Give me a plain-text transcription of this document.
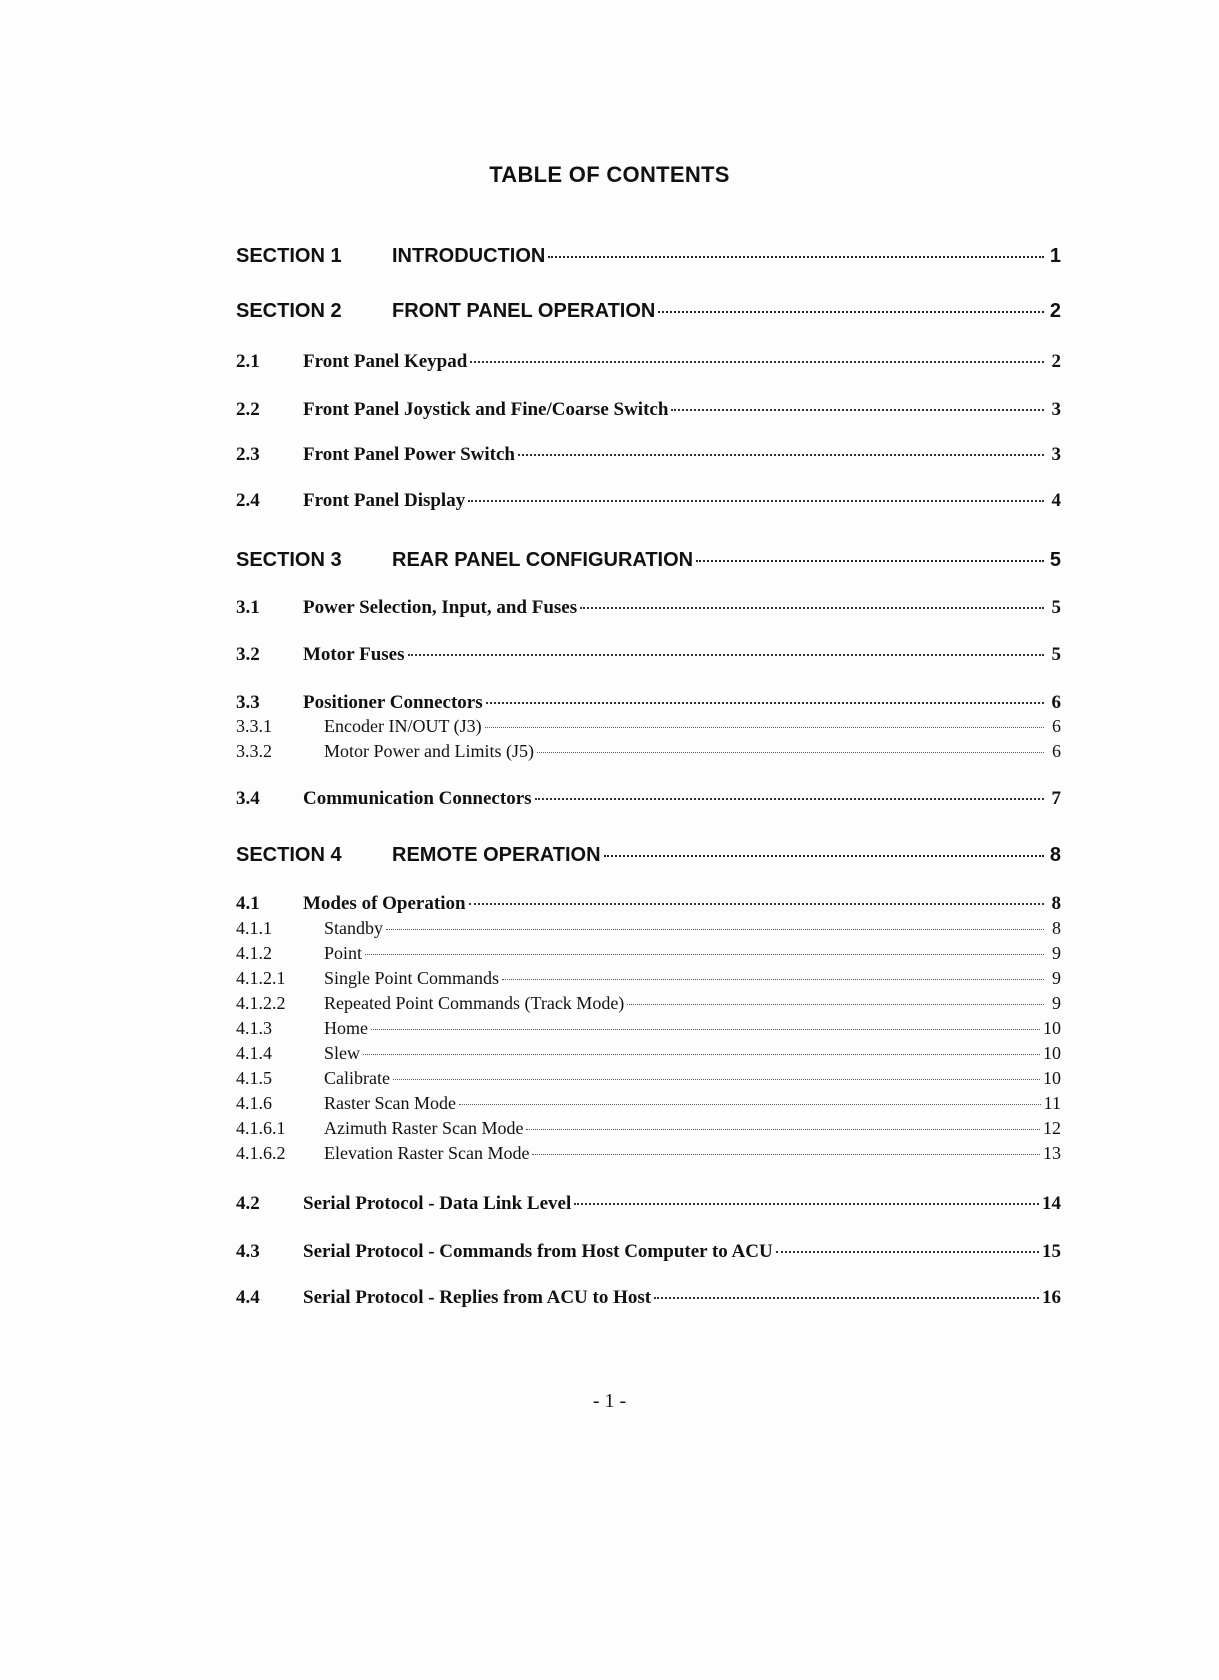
TABLE OF CONTENTS
SECTION 1	INTRODUCTION	1
SECTION 2	FRONT PANEL OPERATION	2
2.1	Front Panel Keypad	2
2.2	Front Panel Joystick and Fine/Coarse Switch	3
2.3	Front Panel Power Switch	3
2.4	Front Panel Display	4
SECTION 3	REAR PANEL CONFIGURATION	5
3.1	Power Selection, Input, and Fuses	5
3.2	Motor Fuses	5
3.3	Positioner Connectors	6
3.3.1	Encoder IN/OUT (J3)	6
3.3.2	Motor Power and Limits (J5)	6
3.4	Communication Connectors	7
SECTION 4	REMOTE OPERATION	8
4.1	Modes of Operation	8
4.1.1	Standby	8
4.1.2	Point	9
4.1.2.1	Single Point Commands	9
4.1.2.2	Repeated Point Commands (Track Mode)	9
4.1.3	Home	10
4.1.4	Slew	10
4.1.5	Calibrate	10
4.1.6	Raster Scan Mode	11
4.1.6.1	Azimuth Raster Scan Mode	12
4.1.6.2	Elevation Raster Scan Mode	13
4.2	Serial Protocol - Data Link Level	14
4.3	Serial Protocol - Commands from Host Computer to ACU	15
4.4	Serial Protocol - Replies from ACU to Host	16
- 1 -
